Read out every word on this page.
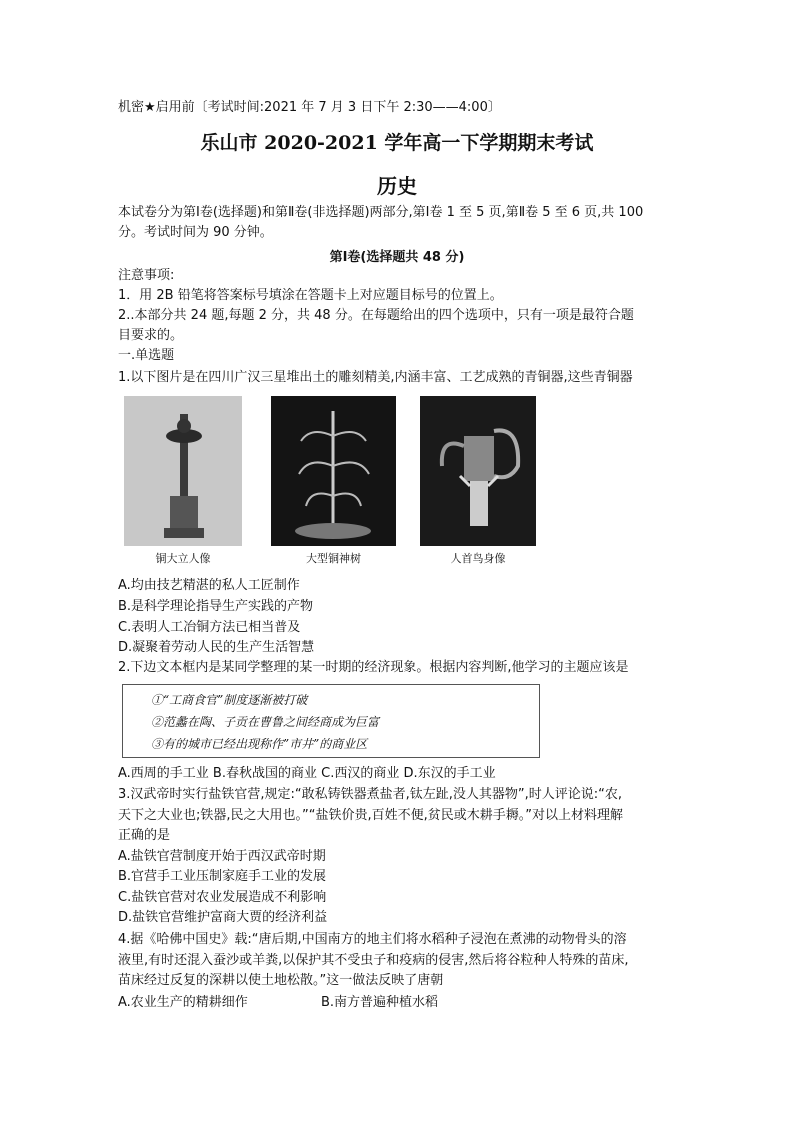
机密★启用前〔考试时间:2021 年 7 月 3 日下午 2:30——4:00〕
乐山市 2020-2021 学年高一下学期期末考试
历史
本试卷分为第Ⅰ卷(选择题)和第Ⅱ卷(非选择题)两部分,第Ⅰ卷 1 至 5 页,第Ⅱ卷 5 至 6 页,共 100
分。考试时间为 90 分钟。
第Ⅰ卷(选择题共 48 分)
注意事项:
1．用 2B 铅笔将答案标号填涂在答题卡上对应题目标号的位置上。
2..本部分共 24 题,每题 2 分，共 48 分。在每题给出的四个选项中，只有一项是最符合题
目要求的。
一.单选题
1.以下图片是在四川广汉三星堆出土的雕刻精美,内涵丰富、工艺成熟的青铜器,这些青铜器
铜大立人像	大型铜神树	人首鸟身像
A.均由技艺精湛的私人工匠制作
B.是科学理论指导生产实践的产物
C.表明人工冶铜方法已相当普及
D.凝聚着劳动人民的生产生活智慧
2.下边文本框内是某同学整理的某一时期的经济现象。根据内容判断,他学习的主题应该是
①“工商食官”制度逐渐被打破
②范蠡在陶、子贡在曹鲁之间经商成为巨富
③有的城市已经出现称作”市井”的商业区
A.西周的手工业 B.春秋战国的商业 C.西汉的商业 D.东汉的手工业
3.汉武帝时实行盐铁官营,规定:“敢私铸铁器煮盐者,钛左趾,没人其器物”,时人评论说:“农,
天下之大业也;铁器,民之大用也。”“盐铁价贵,百姓不便,贫民或木耕手耨。”对以上材料理解
正确的是
A.盐铁官营制度开始于西汉武帝时期
B.官营手工业压制家庭手工业的发展
C.盐铁官营对农业发展造成不利影响
D.盐铁官营维护富商大贾的经济利益
4.据《哈佛中国史》载:“唐后期,中国南方的地主们将水稻种子浸泡在煮沸的动物骨头的溶
液里,有时还混入蚕沙或羊粪,以保护其不受虫子和疫病的侵害,然后将谷粒种人特殊的苗床,
苗床经过反复的深耕以使土地松散。”这一做法反映了唐朝
A.农业生产的精耕细作	B.南方普遍种植水稻
